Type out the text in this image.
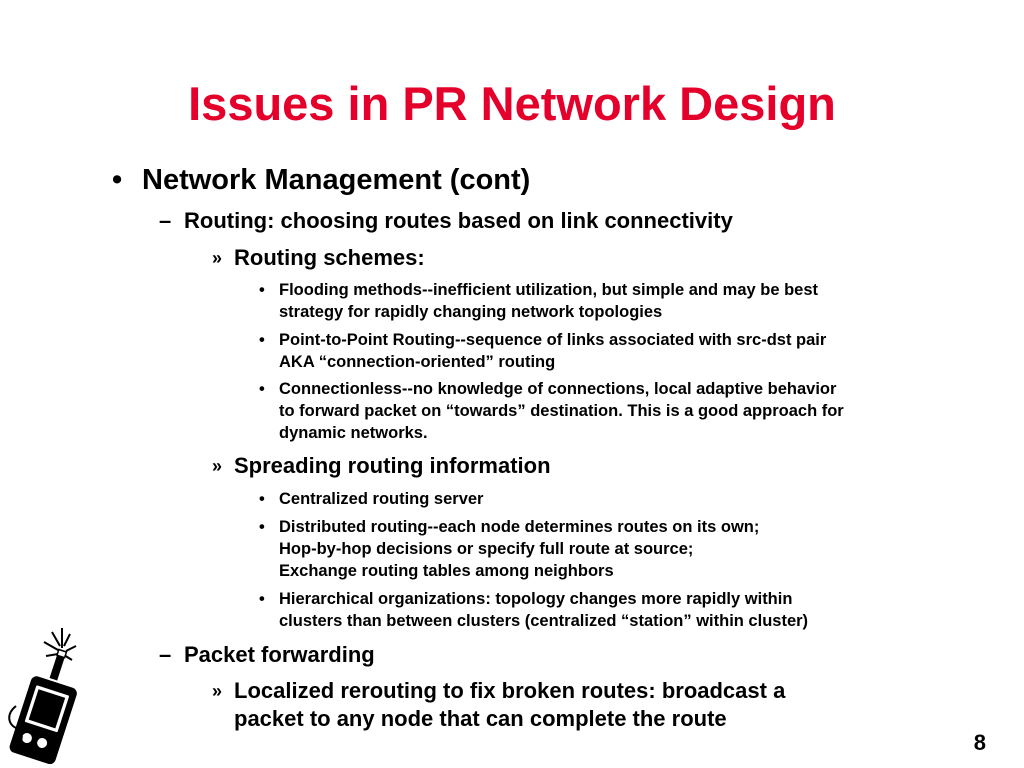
Issues in PR Network Design
• Network Management (cont)
– Routing: choosing routes based on link connectivity
» Routing schemes:
• Flooding methods--inefficient utilization, but simple and may be best
strategy for rapidly changing network topologies
• Point-to-Point Routing--sequence of links associated with src-dst pair
AKA “connection-oriented” routing
• Connectionless--no knowledge of connections, local adaptive behavior
to forward packet on “towards” destination. This is a good approach for
dynamic networks.
» Spreading routing information
• Centralized routing server
• Distributed routing--each node determines routes on its own;
Hop-by-hop decisions or specify full route at source;
Exchange routing tables among neighbors
• Hierarchical organizations: topology changes more rapidly within
clusters than between clusters (centralized “station” within cluster)
– Packet forwarding
» Localized rerouting to fix broken routes: broadcast a
packet to any node that can complete the route
8
